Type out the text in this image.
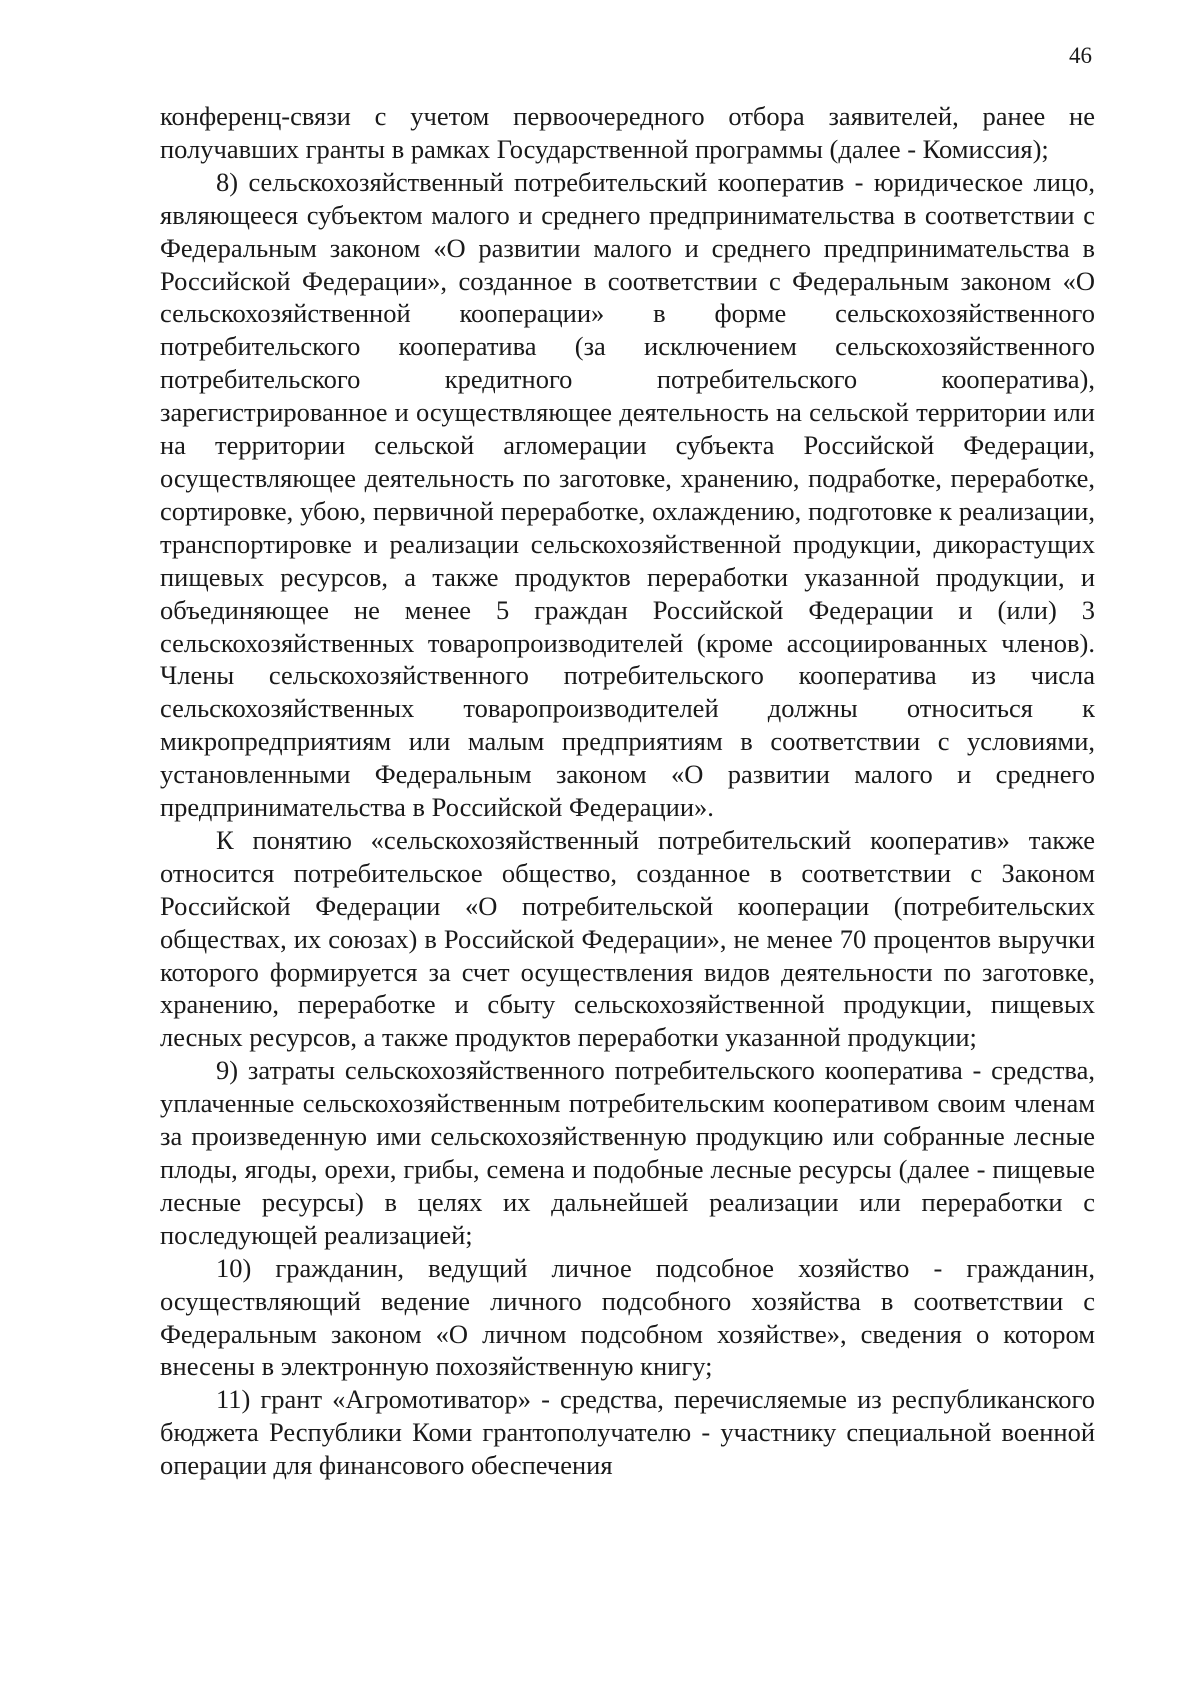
46

конференц-связи с учетом первоочередного отбора заявителей, ранее не получавших гранты в рамках Государственной программы (далее - Комиссия);

8) сельскохозяйственный потребительский кооператив - юридическое лицо, являющееся субъектом малого и среднего предпринимательства в соответствии с Федеральным законом «О развитии малого и среднего предпринимательства в Российской Федерации», созданное в соответствии с Федеральным законом «О сельскохозяйственной кооперации» в форме сельскохозяйственного потребительского кооператива (за исключением сельскохозяйственного потребительского кредитного потребительского кооператива), зарегистрированное и осуществляющее деятельность на сельской территории или на территории сельской агломерации субъекта Российской Федерации, осуществляющее деятельность по заготовке, хранению, подработке, переработке, сортировке, убою, первичной переработке, охлаждению, подготовке к реализации, транспортировке и реализации сельскохозяйственной продукции, дикорастущих пищевых ресурсов, а также продуктов переработки указанной продукции, и объединяющее не менее 5 граждан Российской Федерации и (или) 3 сельскохозяйственных товаропроизводителей (кроме ассоциированных членов). Члены сельскохозяйственного потребительского кооператива из числа сельскохозяйственных товаропроизводителей должны относиться к микропредприятиям или малым предприятиям в соответствии с условиями, установленными Федеральным законом «О развитии малого и среднего предпринимательства в Российской Федерации».

К понятию «сельскохозяйственный потребительский кооператив» также относится потребительское общество, созданное в соответствии с Законом Российской Федерации «О потребительской кооперации (потребительских обществах, их союзах) в Российской Федерации», не менее 70 процентов выручки которого формируется за счет осуществления видов деятельности по заготовке, хранению, переработке и сбыту сельскохозяйственной продукции, пищевых лесных ресурсов, а также продуктов переработки указанной продукции;

9) затраты сельскохозяйственного потребительского кооператива - средства, уплаченные сельскохозяйственным потребительским кооперативом своим членам за произведенную ими сельскохозяйственную продукцию или собранные лесные плоды, ягоды, орехи, грибы, семена и подобные лесные ресурсы (далее - пищевые лесные ресурсы) в целях их дальнейшей реализации или переработки с последующей реализацией;

10) гражданин, ведущий личное подсобное хозяйство - гражданин, осуществляющий ведение личного подсобного хозяйства в соответствии с Федеральным законом «О личном подсобном хозяйстве», сведения о котором внесены в электронную похозяйственную книгу;

11) грант «Агромотиватор» - средства, перечисляемые из республиканского бюджета Республики Коми грантополучателю - участнику специальной военной операции для финансового обеспечения
